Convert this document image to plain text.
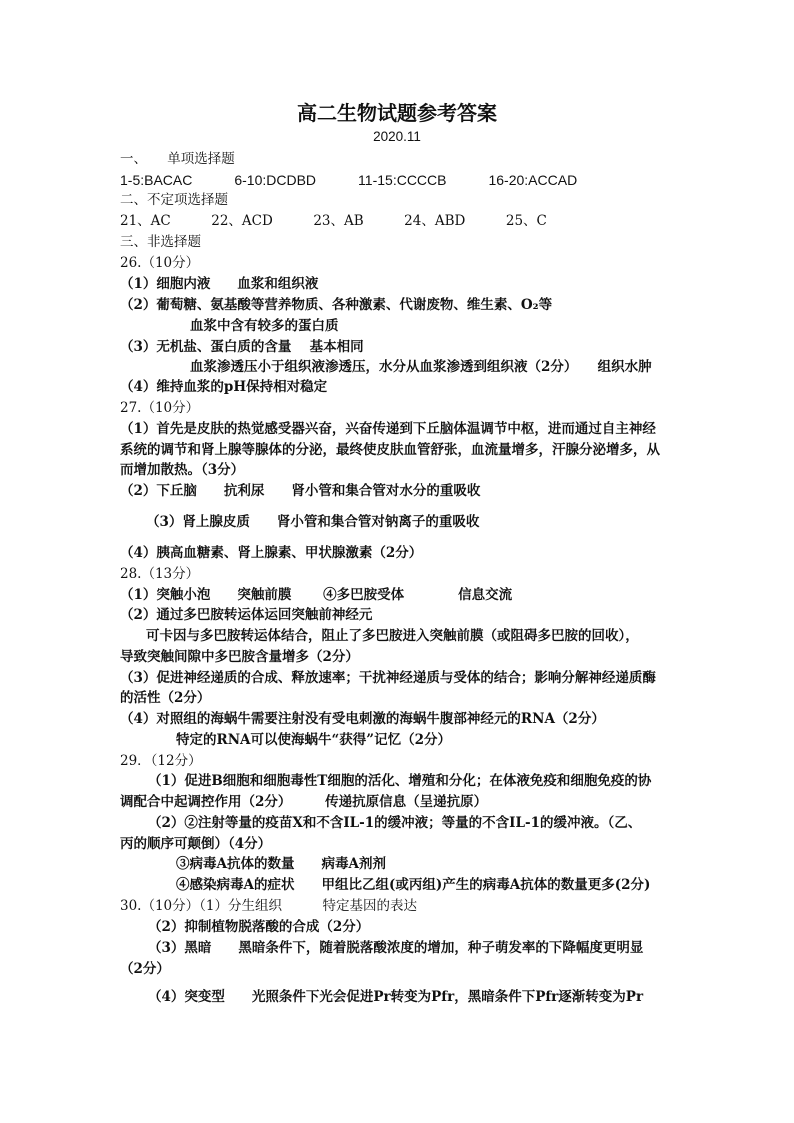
高二生物试题参考答案
2020.11
一、　　单项选择题
1-5:BACAC　　　6-10:DCDBD　　　11-15:CCCCB　　　16-20:ACCAD
二、不定项选择题
21、AC　　　22、ACD　　　23、AB　　　24、ABD　　　25、C
三、非选择题
26.（10分）
（1）细胞内液　　血浆和组织液
（2）葡萄糖、氨基酸等营养物质、各种激素、代谢废物、维生素、O₂等
血浆中含有较多的蛋白质
（3）无机盐、蛋白质的含量　 基本相同
血浆渗透压小于组织液渗透压，水分从血浆渗透到组织液（2分）　　组织水肿
（4）维持血浆的pH保持相对稳定
27.（10分）
（1）首先是皮肤的热觉感受器兴奋，兴奋传递到下丘脑体温调节中枢，进而通过自主神经
系统的调节和肾上腺等腺体的分泌，最终使皮肤血管舒张，血流量增多，汗腺分泌增多，从
而增加散热。（3分）
（2）下丘脑　　抗利尿　　肾小管和集合管对水分的重吸收
（3）肾上腺皮质　　肾小管和集合管对钠离子的重吸收
（4）胰高血糖素、肾上腺素、甲状腺激素（2分）
28.（13分）
（1）突触小泡　　突触前膜　　 ④多巴胺受体　　　　信息交流
（2）通过多巴胺转运体运回突触前神经元
可卡因与多巴胺转运体结合，阻止了多巴胺进入突触前膜（或阻碍多巴胺的回收），
导致突触间隙中多巴胺含量增多（2分）
（3）促进神经递质的合成、释放速率；干扰神经递质与受体的结合；影响分解神经递质酶
的活性（2分）
（4）对照组的海蜗牛需要注射没有受电刺激的海蜗牛腹部神经元的RNA（2分）
特定的RNA可以使海蜗牛“获得”记忆（2分）
29．（12分）
（1）促进B细胞和细胞毒性T细胞的活化、增殖和分化；在体液免疫和细胞免疫的协
调配合中起调控作用（2分）　　　传递抗原信息（呈递抗原）
（2）②注射等量的疫苗X和不含IL-1的缓冲液；等量的不含IL-1的缓冲液。（乙、
丙的顺序可颠倒）（4分）
③病毒A抗体的数量　　病毒A剂剂
④感染病毒A的症状　　甲组比乙组(或丙组)产生的病毒A抗体的数量更多(2分)
30.（10分）（1）分生组织　　　特定基因的表达
（2）抑制植物脱落酸的合成（2分）
（3）黑暗　　黑暗条件下，随着脱落酸浓度的增加，种子萌发率的下降幅度更明显
（2分）
（4）突变型　　光照条件下光会促进Pr转变为Pfr，黑暗条件下Pfr逐渐转变为Pr
